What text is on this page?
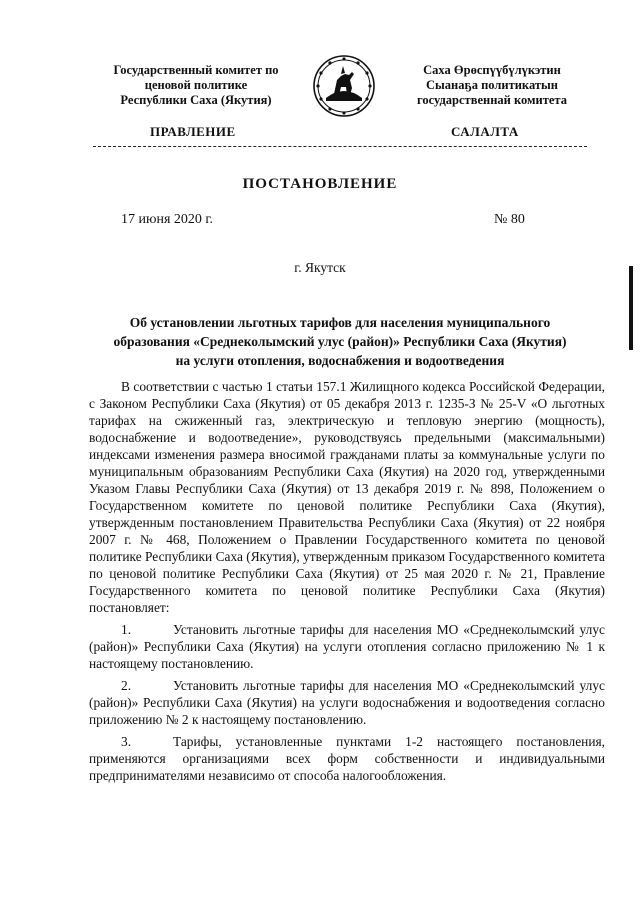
Государственный комитет по
ценовой политике
Республики Саха (Якутия)
Саха Өрөспүүбүлүкэтин
Сыанаҕа политикатын
государственнай комитета
ПРАВЛЕНИЕ	САЛАЛТА
ПОСТАНОВЛЕНИЕ
17 июня 2020 г.	№ 80
г. Якутск
Об установлении льготных тарифов для населения муниципального
образования «Среднеколымский улус (район)» Республики Саха (Якутия)
на услуги отопления, водоснабжения и водоотведения

В соответствии с частью 1 статьи 157.1 Жилищного кодекса Российской Федерации, с Законом Республики Саха (Якутия) от 05 декабря 2013 г. 1235-З № 25-V «О льготных тарифах на сжиженный газ, электрическую и тепловую энергию (мощность), водоснабжение и водоотведение», руководствуясь предельными (максимальными) индексами изменения размера вносимой гражданами платы за коммунальные услуги по муниципальным образованиям Республики Саха (Якутия) на 2020 год, утвержденными Указом Главы Республики Саха (Якутия) от 13 декабря 2019 г. № 898, Положением о Государственном комитете по ценовой политике Республики Саха (Якутия), утвержденным постановлением Правительства Республики Саха (Якутия) от 22 ноября 2007 г. № 468, Положением о Правлении Государственного комитета по ценовой политике Республики Саха (Якутия), утвержденным приказом Государственного комитета по ценовой политике Республики Саха (Якутия) от 25 мая 2020 г. № 21, Правление Государственного комитета по ценовой политике Республики Саха (Якутия) постановляет:

1.	Установить льготные тарифы для населения МО «Среднеколымский улус (район)» Республики Саха (Якутия) на услуги отопления согласно приложению № 1 к настоящему постановлению.

2.	Установить льготные тарифы для населения МО «Среднеколымский улус (район)» Республики Саха (Якутия) на услуги водоснабжения и водоотведения согласно приложению № 2 к настоящему постановлению.

3.	Тарифы, установленные пунктами 1-2 настоящего постановления, применяются организациями всех форм собственности и индивидуальными предпринимателями независимо от способа налогообложения.
